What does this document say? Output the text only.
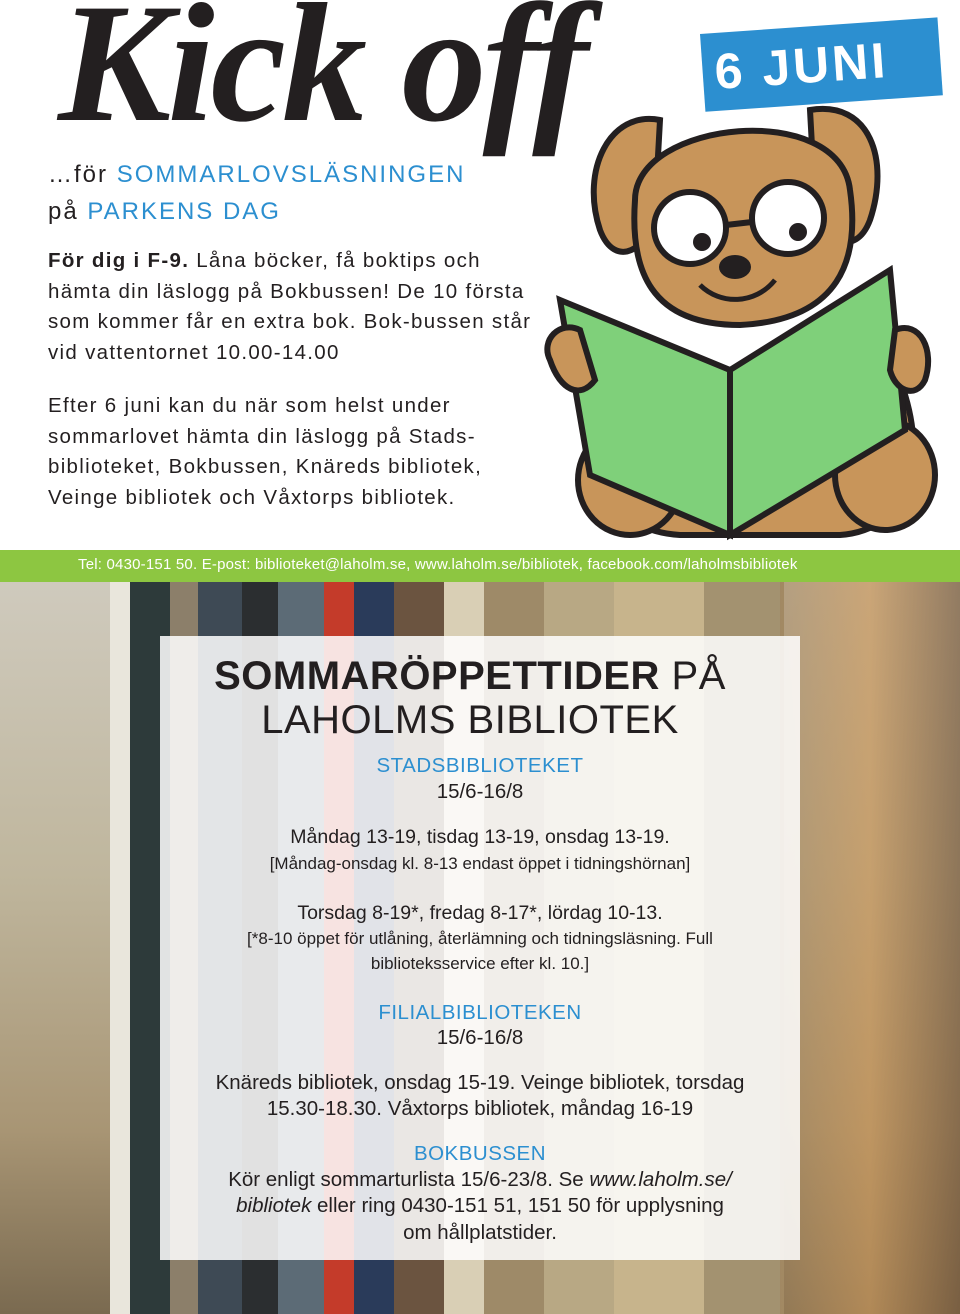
Kick off	6 JUNI
…för SOMMARLOVSLÄSNINGEN
på PARKENS DAG
För dig i F-9. Låna böcker, få boktips och hämta din läslogg på Bokbussen! De 10 första som kommer får en extra bok. Bok-bussen står vid vattentornet 10.00-14.00
Efter 6 juni kan du när som helst under sommarlovet hämta din läslogg på Stads-biblioteket, Bokbussen, Knäreds bibliotek, Veinge bibliotek och Våxtorps bibliotek.
Tel: 0430-151 50. E-post: biblioteket@laholm.se, www.laholm.se/bibliotek, facebook.com/laholmsbibliotek
SOMMARÖPPETTIDER PÅ
LAHOLMS BIBLIOTEK
STADSBIBLIOTEKET
15/6-16/8
Måndag 13-19, tisdag 13-19, onsdag 13-19.
[Måndag-onsdag kl. 8-13 endast öppet i tidningshörnan]
Torsdag 8-19*, fredag 8-17*, lördag 10-13.
[*8-10 öppet för utlåning, återlämning och tidningsläsning. Full
biblioteksservice efter kl. 10.]
FILIALBIBLIOTEKEN
15/6-16/8
Knäreds bibliotek, onsdag 15-19. Veinge bibliotek, torsdag
15.30-18.30. Våxtorps bibliotek, måndag 16-19
BOKBUSSEN
Kör enligt sommarturlista 15/6-23/8. Se www.laholm.se/
bibliotek eller ring 0430-151 51, 151 50 för upplysning
om hållplatstider.
